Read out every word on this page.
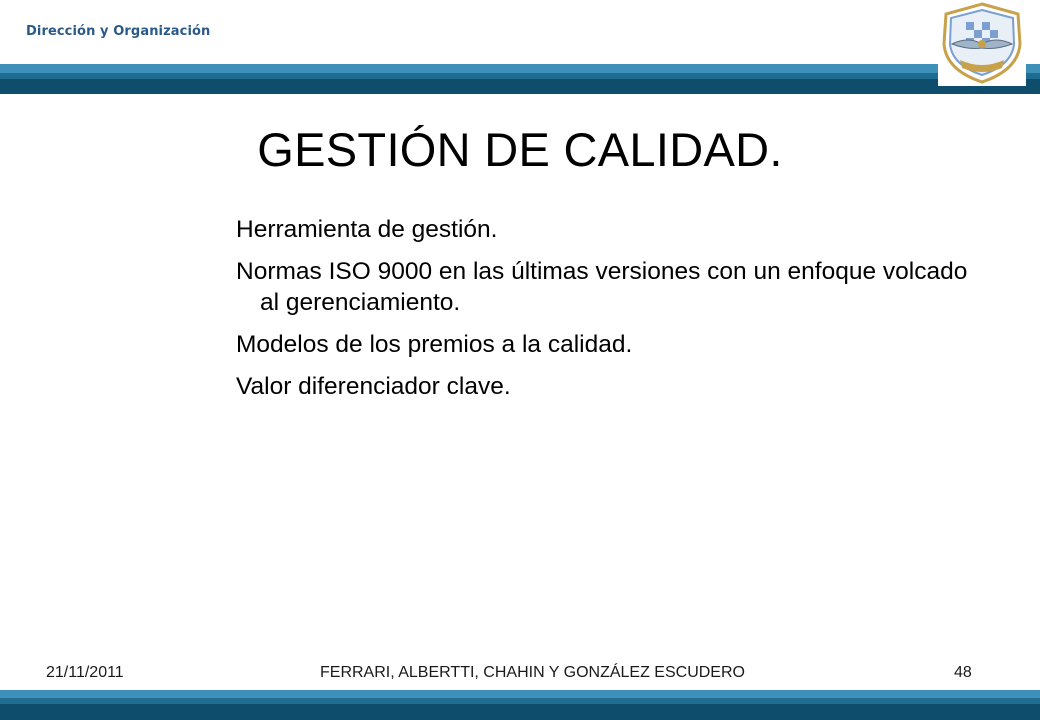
Dirección y Organización
GESTIÓN DE CALIDAD.
Herramienta de gestión.
Normas ISO 9000 en las últimas versiones con un enfoque volcado al gerenciamiento.
Modelos de los premios a la calidad.
Valor diferenciador clave.
21/11/2011	FERRARI, ALBERTTI, CHAHIN Y GONZÁLEZ ESCUDERO	48
